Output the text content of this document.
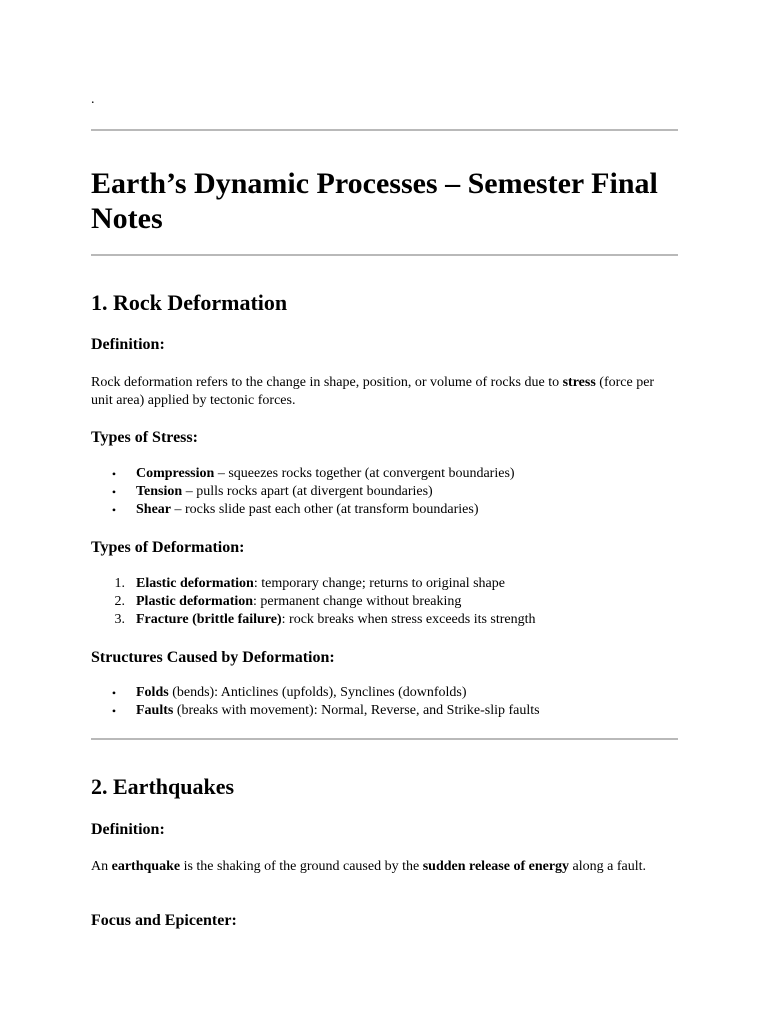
.
Earth’s Dynamic Processes – Semester Final Notes
1. Rock Deformation
Definition:

Rock deformation refers to the change in shape, position, or volume of rocks due to stress (force per unit area) applied by tectonic forces.

Types of Stress:
• Compression – squeezes rocks together (at convergent boundaries)
• Tension – pulls rocks apart (at divergent boundaries)
• Shear – rocks slide past each other (at transform boundaries)
Types of Deformation:
1. Elastic deformation: temporary change; returns to original shape
2. Plastic deformation: permanent change without breaking
3. Fracture (brittle failure): rock breaks when stress exceeds its strength
Structures Caused by Deformation:
• Folds (bends): Anticlines (upfolds), Synclines (downfolds)
• Faults (breaks with movement): Normal, Reverse, and Strike-slip faults
2. Earthquakes
Definition:

An earthquake is the shaking of the ground caused by the sudden release of energy along a fault.

Focus and Epicenter:
